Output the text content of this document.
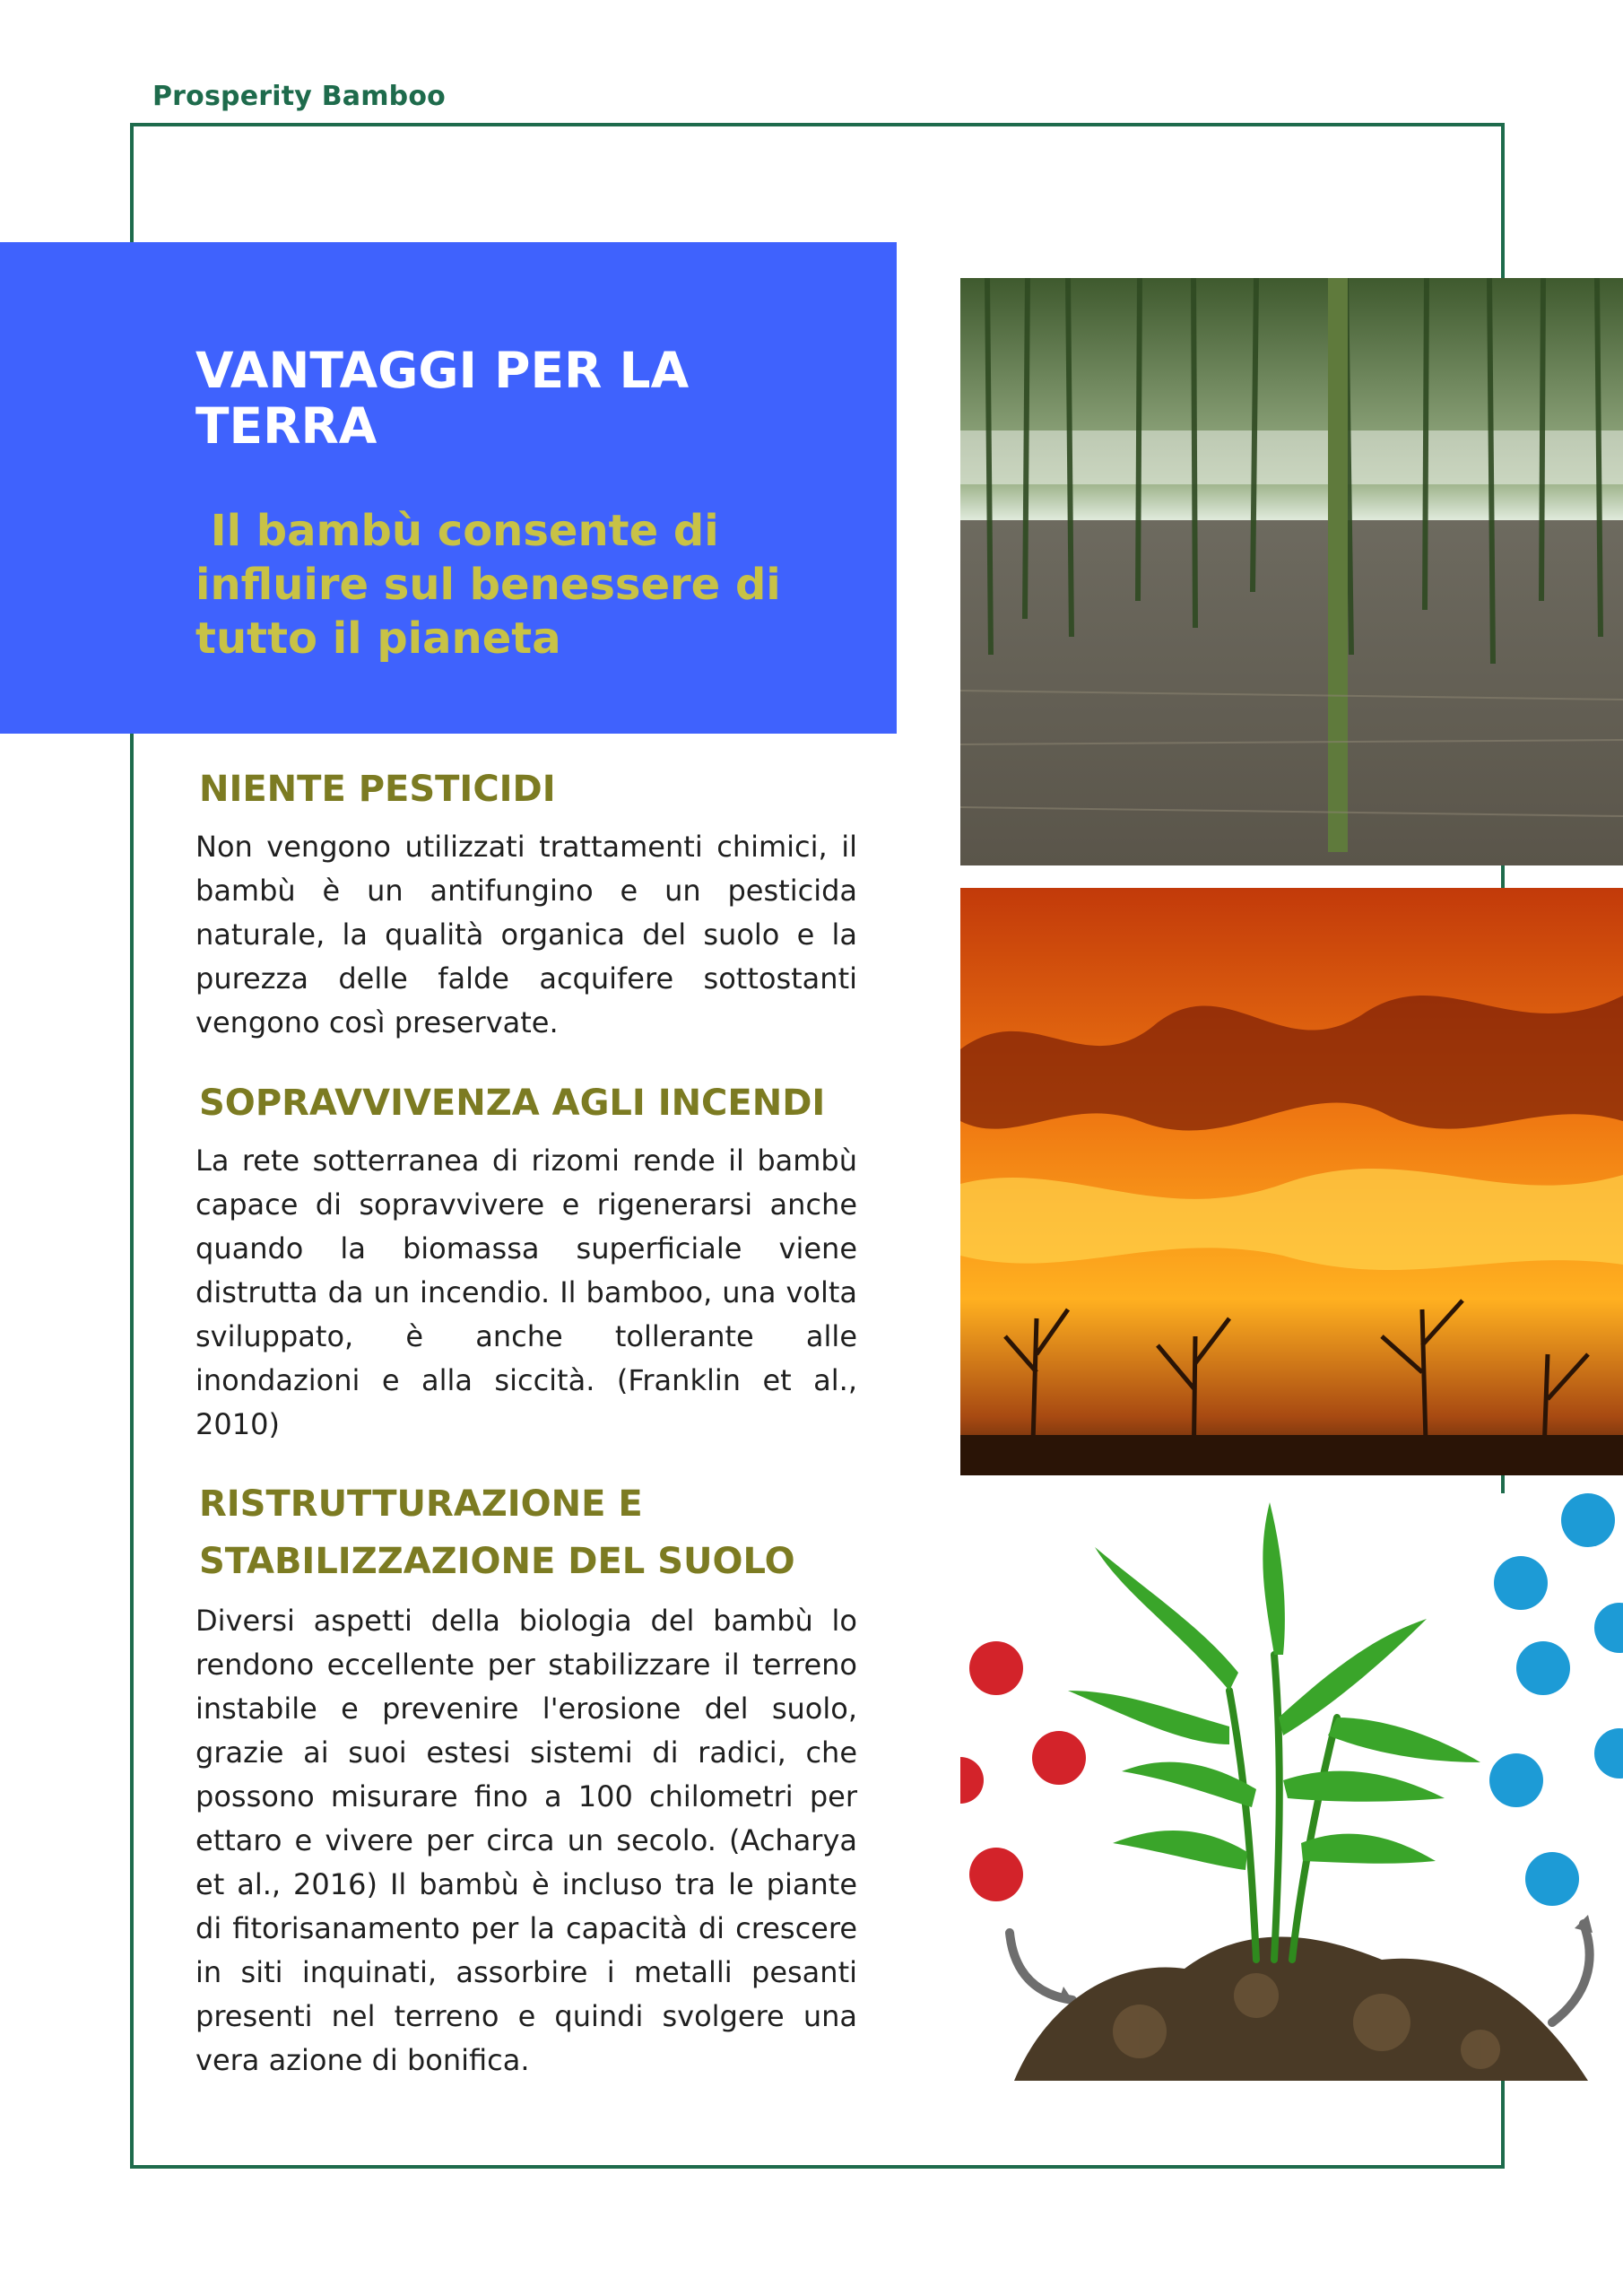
Prosperity Bamboo
VANTAGGI PER LA TERRA

Il bambù consente di influire sul benessere di tutto il pianeta

NIENTE PESTICIDI

Non vengono utilizzati trattamenti chimici, il bambù è un antifungino e un pesticida naturale, la qualità organica del suolo e la purezza delle falde acquifere sottostanti vengono così preservate.

SOPRAVVIVENZA AGLI INCENDI

La rete sotterranea di rizomi rende il bambù capace di sopravvivere e rigenerarsi anche  quando la biomassa superficiale viene distrutta da un incendio. Il bamboo, una volta sviluppato, è anche tollerante alle inondazioni e alla siccità. (Franklin et al., 2010)

RISTRUTTURAZIONE E STABILIZZAZIONE DEL SUOLO

Diversi aspetti della biologia del bambù lo rendono eccellente per stabilizzare il terreno instabile e prevenire l'erosione del suolo, grazie ai suoi estesi sistemi di radici, che possono misurare fino a 100 chilometri per ettaro e vivere per circa un secolo. (Acharya et al., 2016) Il bambù è incluso tra le piante di fitorisanamento per la capacità di crescere in siti inquinati, assorbire i metalli pesanti presenti nel terreno e quindi svolgere una vera azione di bonifica.
